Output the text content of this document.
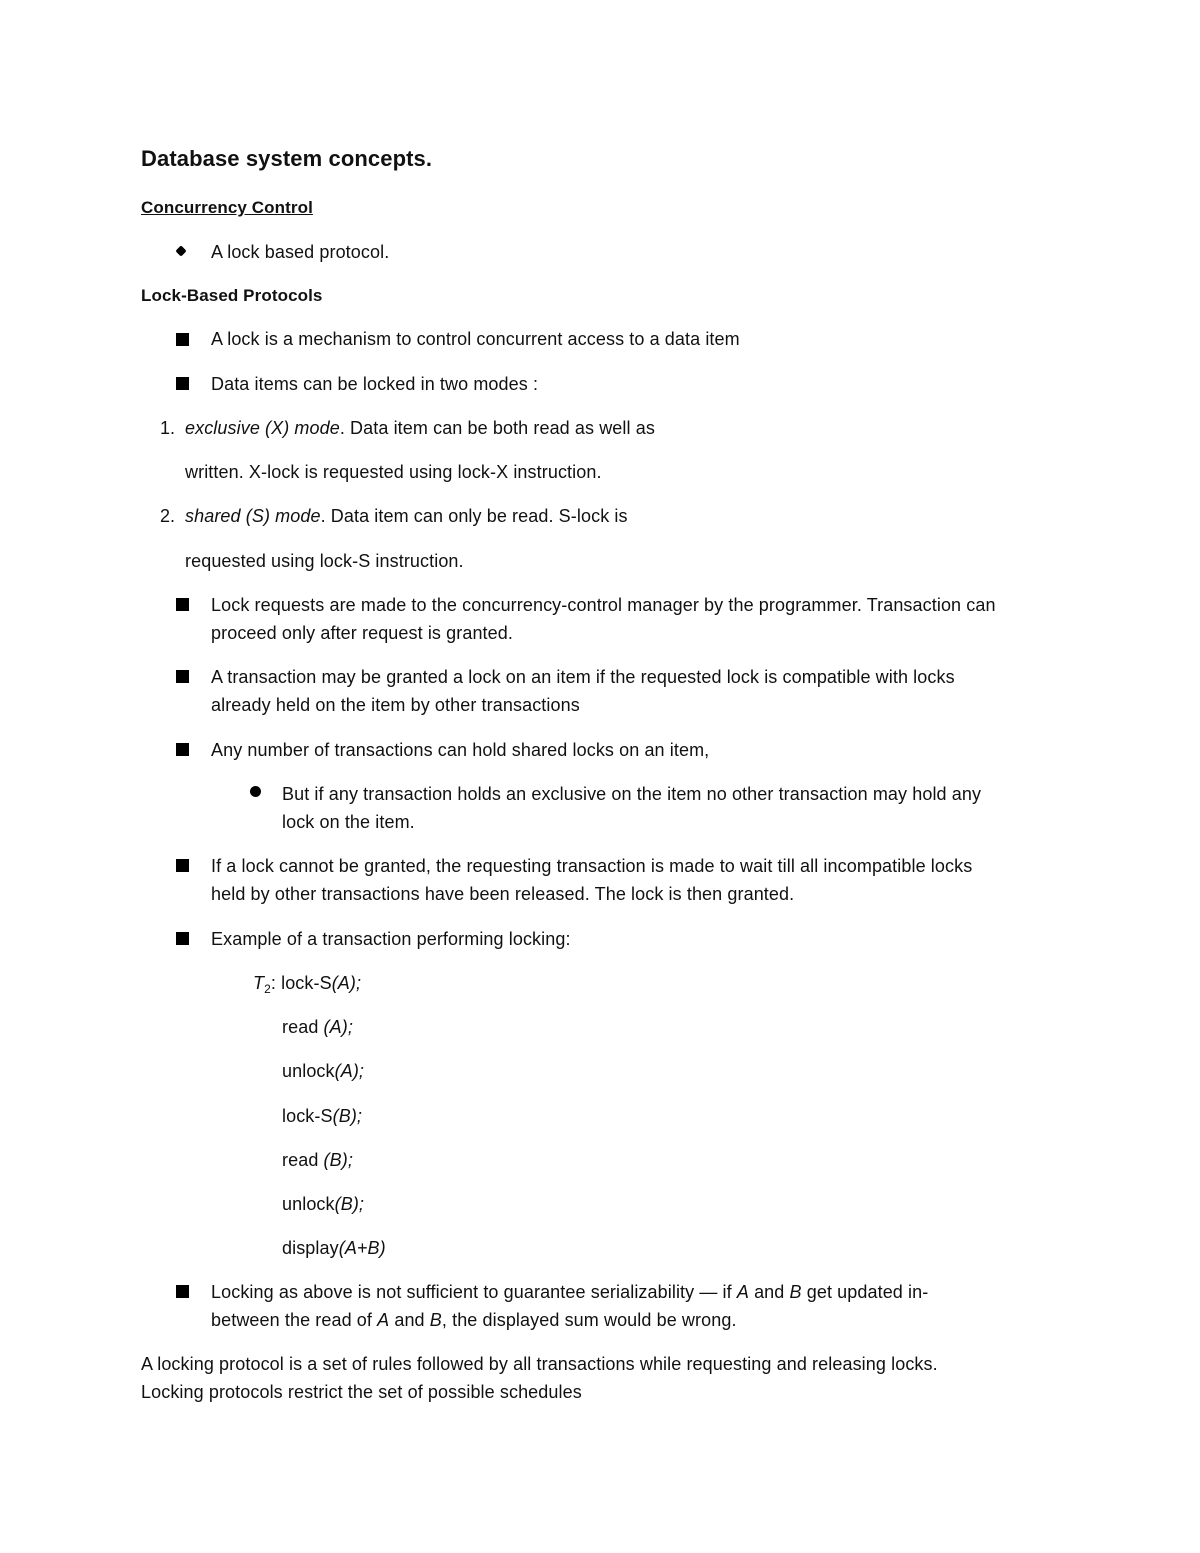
Database system concepts.
Concurrency Control
A lock based protocol.
Lock-Based Protocols
A lock is a mechanism to control concurrent access to a data item
Data items can be locked in two modes :
1. exclusive (X) mode. Data item can be both read as well as
written. X-lock is requested using lock-X instruction.
2. shared (S) mode. Data item can only be read. S-lock is
requested using lock-S instruction.
Lock requests are made to the concurrency-control manager by the programmer. Transaction can
proceed only after request is granted.
A transaction may be granted a lock on an item if the requested lock is compatible with locks
already held on the item by other transactions
Any number of transactions can hold shared locks on an item,
But if any transaction holds an exclusive on the item no other transaction may hold any
lock on the item.
If a lock cannot be granted, the requesting transaction is made to wait till all incompatible locks
held by other transactions have been released. The lock is then granted.
Example of a transaction performing locking:
$T_2$: lock-S(A);
read (A);
unlock(A);
lock-S(B);
read (B);
unlock(B);
display(A+B)
Locking as above is not sufficient to guarantee serializability — if A and B get updated in-
between the read of A and B, the displayed sum would be wrong.
A locking protocol is a set of rules followed by all transactions while requesting and releasing locks.
Locking protocols restrict the set of possible schedules
